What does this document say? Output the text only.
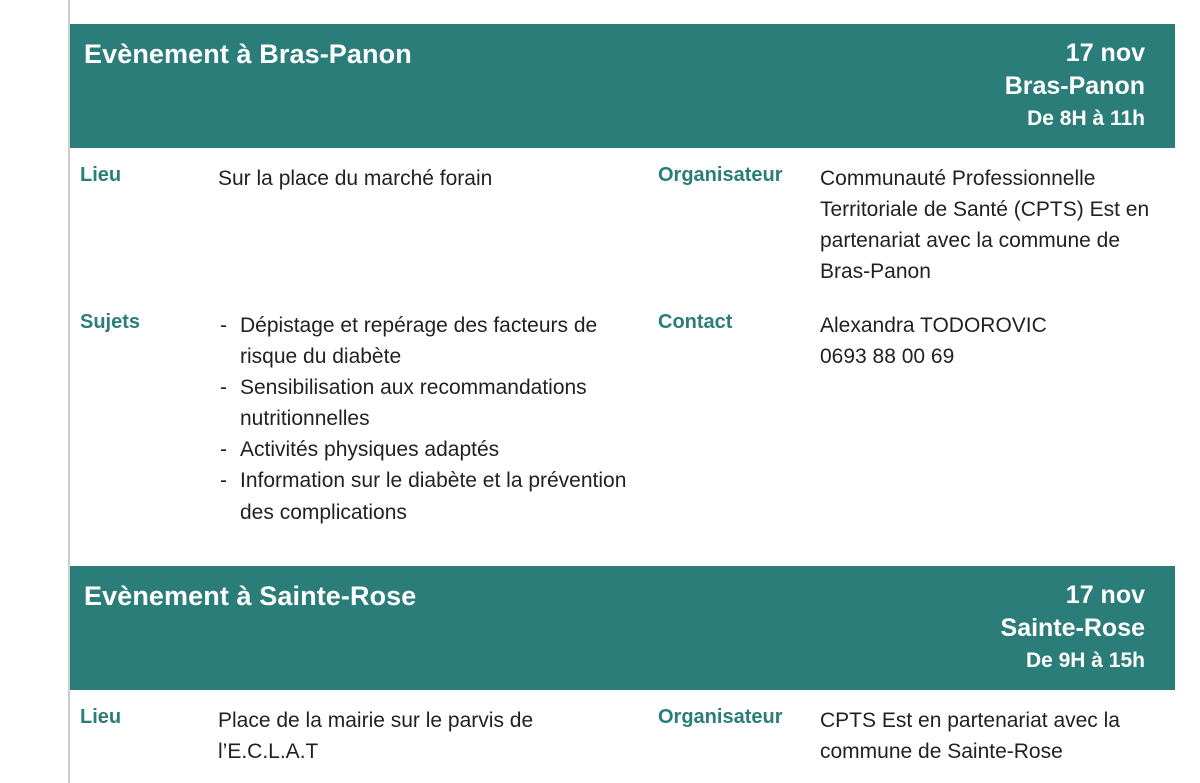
Evènement à Bras-Panon	17 nov
Bras-Panon
De 8H à 11h
Lieu	Sur la place du marché forain	Organisateur	Communauté Professionnelle Territoriale de Santé (CPTS) Est en partenariat avec la commune de Bras-Panon
Sujets	- Dépistage et repérage des facteurs de risque du diabète
- Sensibilisation aux recommandations nutritionnelles
- Activités physiques adaptés
- Information sur le diabète et la prévention des complications
Contact	Alexandra TODOROVIC
0693 88 00 69
Evènement à Sainte-Rose	17 nov
Sainte-Rose
De 9H à 15h
Lieu	Place de la mairie sur le parvis de l’E.C.L.A.T
Organisateur	CPTS Est en partenariat avec la commune de Sainte-Rose
